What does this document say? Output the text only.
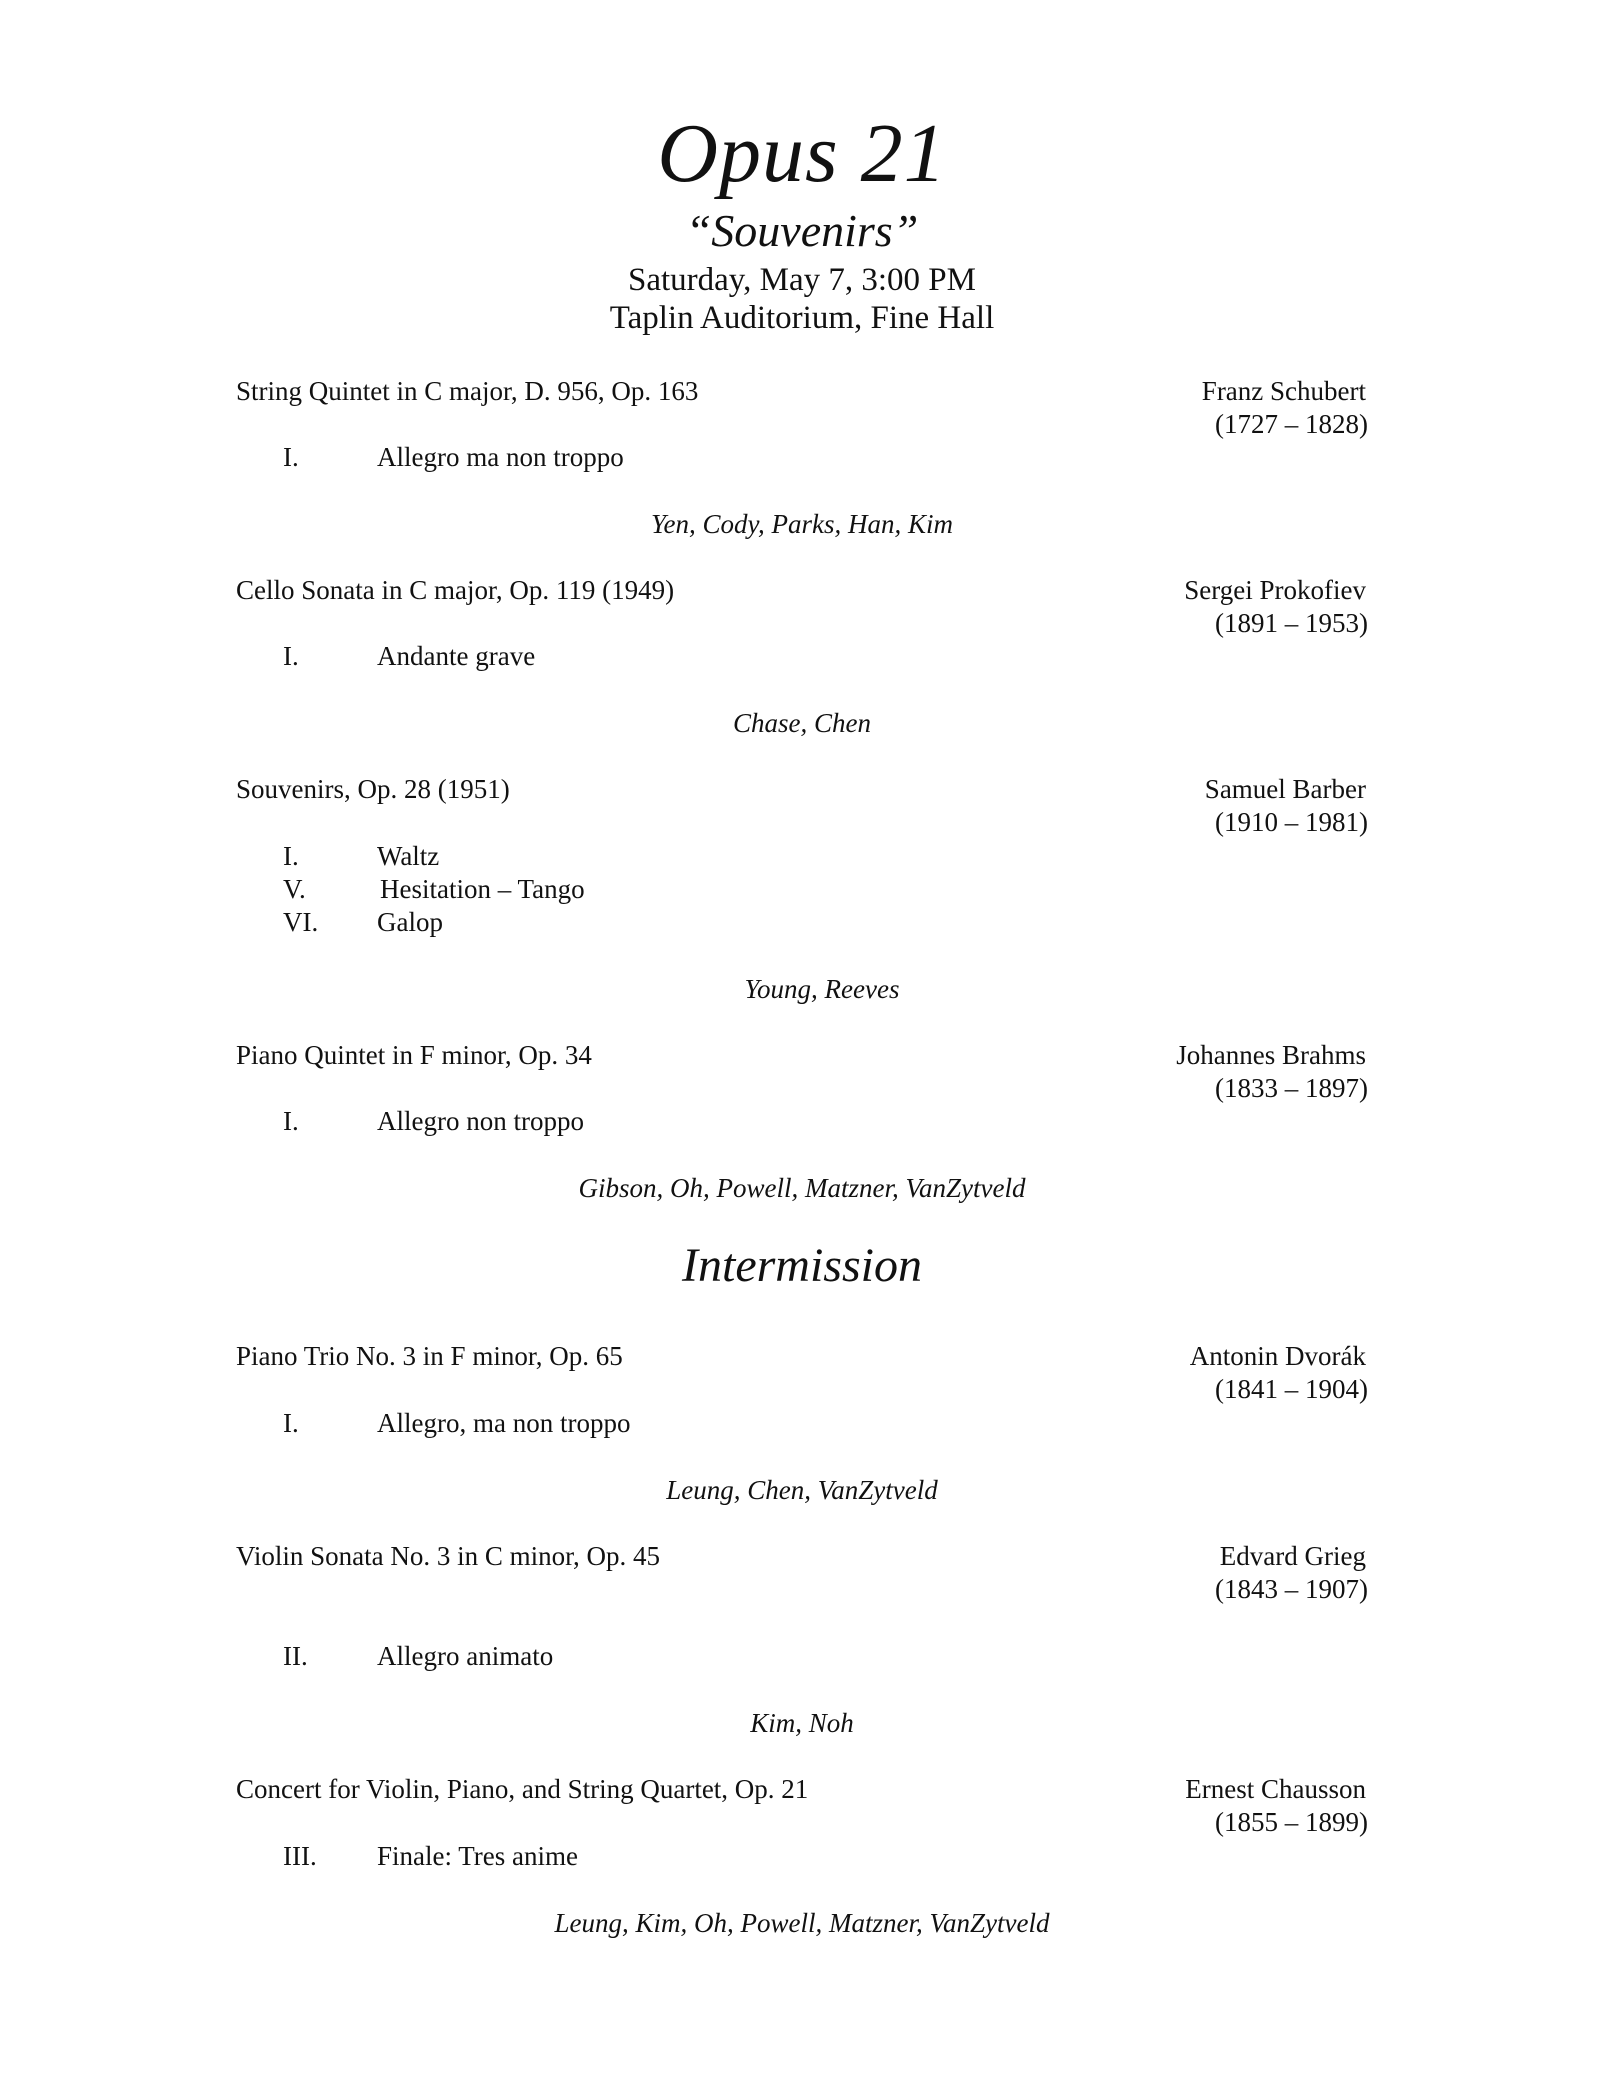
Opus 21
“Souvenirs”
Saturday, May 7, 3:00 PM
Taplin Auditorium, Fine Hall
String Quintet in C major, D. 956, Op. 163	Franz Schubert
(1727 – 1828)
I.	Allegro ma non troppo
Yen, Cody, Parks, Han, Kim
Cello Sonata in C major, Op. 119 (1949)	Sergei Prokofiev
(1891 – 1953)
I.	Andante grave
Chase, Chen
Souvenirs, Op. 28 (1951)	Samuel Barber
(1910 – 1981)
I.	Waltz
V.	Hesitation – Tango
VI. Galop
Young, Reeves
Piano Quintet in F minor, Op. 34	Johannes Brahms
(1833 – 1897)
I.	Allegro non troppo
Gibson, Oh, Powell, Matzner, VanZytveld
Intermission
Piano Trio No. 3 in F minor, Op. 65	Antonin Dvorák
(1841 – 1904)
I.	Allegro, ma non troppo
Leung, Chen, VanZytveld
Violin Sonata No. 3 in C minor, Op. 45	Edvard Grieg
(1843 – 1907)
II.	Allegro animato
Kim, Noh
Concert for Violin, Piano, and String Quartet, Op. 21	Ernest Chausson
(1855 – 1899)
III. Finale: Tres anime
Leung, Kim, Oh, Powell, Matzner, VanZytveld
